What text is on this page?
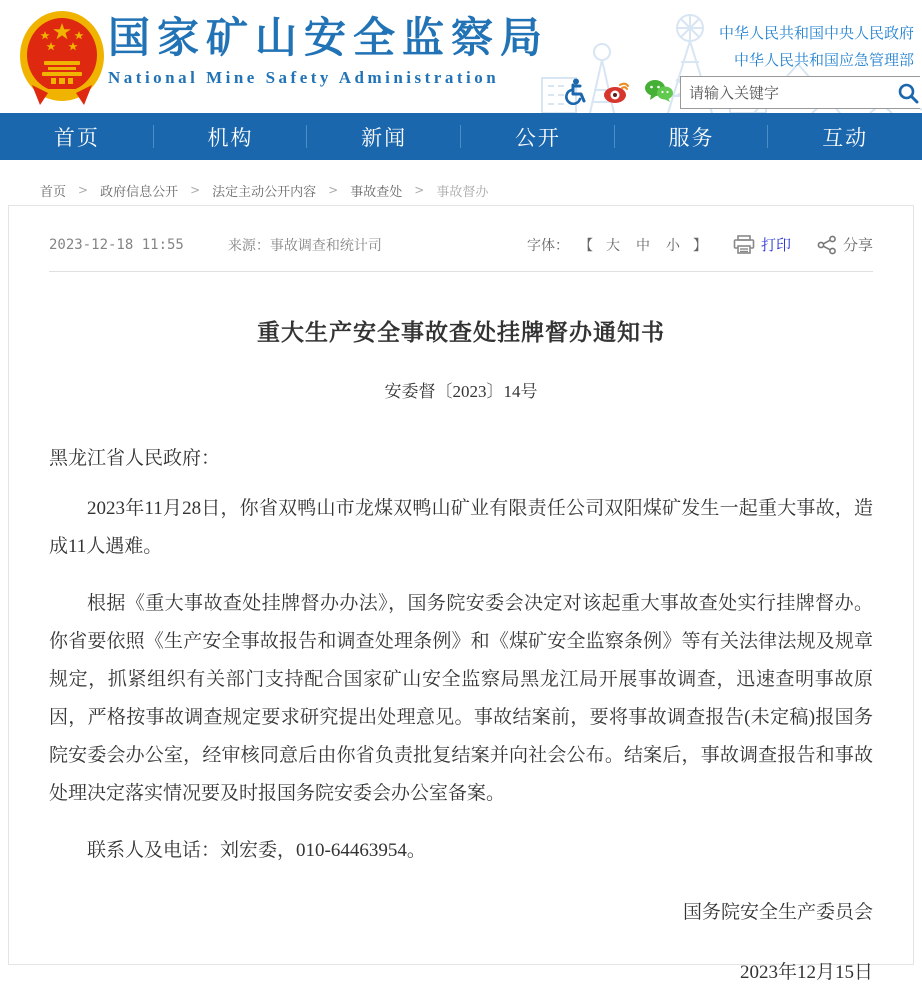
国家矿山安全监察局
National Mine Safety Administration
中华人民共和国中央人民政府
中华人民共和国应急管理部
请输入关键字
首页	机构	新闻	公开	服务	互动
首页 > 政府信息公开 > 法定主动公开内容 > 事故查处 > 事故督办
2023-12-18 11:55	来源：事故调查和统计司	字体： 【 大 中 小 】	打印	分享
重大生产安全事故查处挂牌督办通知书
安委督〔2023〕14号
黑龙江省人民政府：

2023年11月28日，你省双鸭山市龙煤双鸭山矿业有限责任公司双阳煤矿发生一起重大事故，造成11人遇难。

根据《重大事故查处挂牌督办办法》，国务院安委会决定对该起重大事故查处实行挂牌督办。你省要依照《生产安全事故报告和调查处理条例》和《煤矿安全监察条例》等有关法律法规及规章规定，抓紧组织有关部门支持配合国家矿山安全监察局黑龙江局开展事故调查，迅速查明事故原因，严格按事故调查规定要求研究提出处理意见。事故结案前，要将事故调查报告(未定稿)报国务院安委会办公室，经审核同意后由你省负责批复结案并向社会公布。结案后，事故调查报告和事故处理决定落实情况要及时报国务院安委会办公室备案。

联系人及电话：刘宏委，010-64463954。

国务院安全生产委员会
2023年12月15日
